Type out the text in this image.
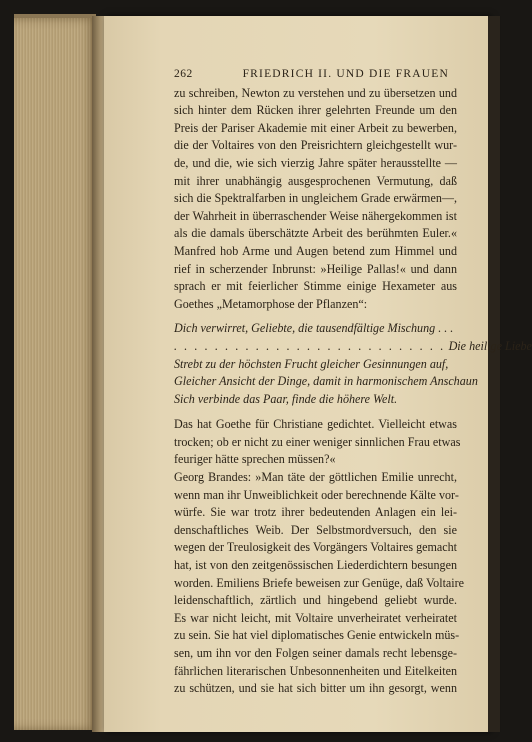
262	FRIEDRICH II. UND DIE FRAUEN
zu schreiben, Newton zu verstehen und zu übersetzen und
sich hinter dem Rücken ihrer gelehrten Freunde um den
Preis der Pariser Akademie mit einer Arbeit zu bewerben,
die der Voltaires von den Preisrichtern gleichgestellt wur-
de, und die, wie sich vierzig Jahre später herausstellte —
mit ihrer unabhängig ausgesprochenen Vermutung, daß
sich die Spektralfarben in ungleichem Grade erwärmen—,
der Wahrheit in überraschender Weise nähergekommen ist
als die damals überschätzte Arbeit des berühmten Euler.«
Manfred hob Arme und Augen betend zum Himmel und
rief in scherzender Inbrunst: »Heilige Pallas!« und dann
sprach er mit feierlicher Stimme einige Hexameter aus
Goethes „Metamorphose der Pflanzen“:
Dich verwirret, Geliebte, die tausendfältige Mischung . . .
. . . . . . . . . . . . . . . . . . . . . . . . . . . Die heilige Liebe
Strebt zu der höchsten Frucht gleicher Gesinnungen auf,
Gleicher Ansicht der Dinge, damit in harmonischem Anschaun
Sich verbinde das Paar, finde die höhere Welt.
Das hat Goethe für Christiane gedichtet. Vielleicht etwas
trocken; ob er nicht zu einer weniger sinnlichen Frau etwas
feuriger hätte sprechen müssen?«
Georg Brandes: »Man täte der göttlichen Emilie unrecht,
wenn man ihr Unweiblichkeit oder berechnende Kälte vor-
würfe. Sie war trotz ihrer bedeutenden Anlagen ein lei-
denschaftliches Weib. Der Selbstmordversuch, den sie
wegen der Treulosigkeit des Vorgängers Voltaires gemacht
hat, ist von den zeitgenössischen Liederdichtern besungen
worden. Emiliens Briefe beweisen zur Genüge, daß Voltaire
leidenschaftlich, zärtlich und hingebend geliebt wurde.
Es war nicht leicht, mit Voltaire unverheiratet verheiratet
zu sein. Sie hat viel diplomatisches Genie entwickeln müs-
sen, um ihn vor den Folgen seiner damals recht lebensge-
fährlichen literarischen Unbesonnenheiten und Eitelkeiten
zu schützen, und sie hat sich bitter um ihn gesorgt, wenn
